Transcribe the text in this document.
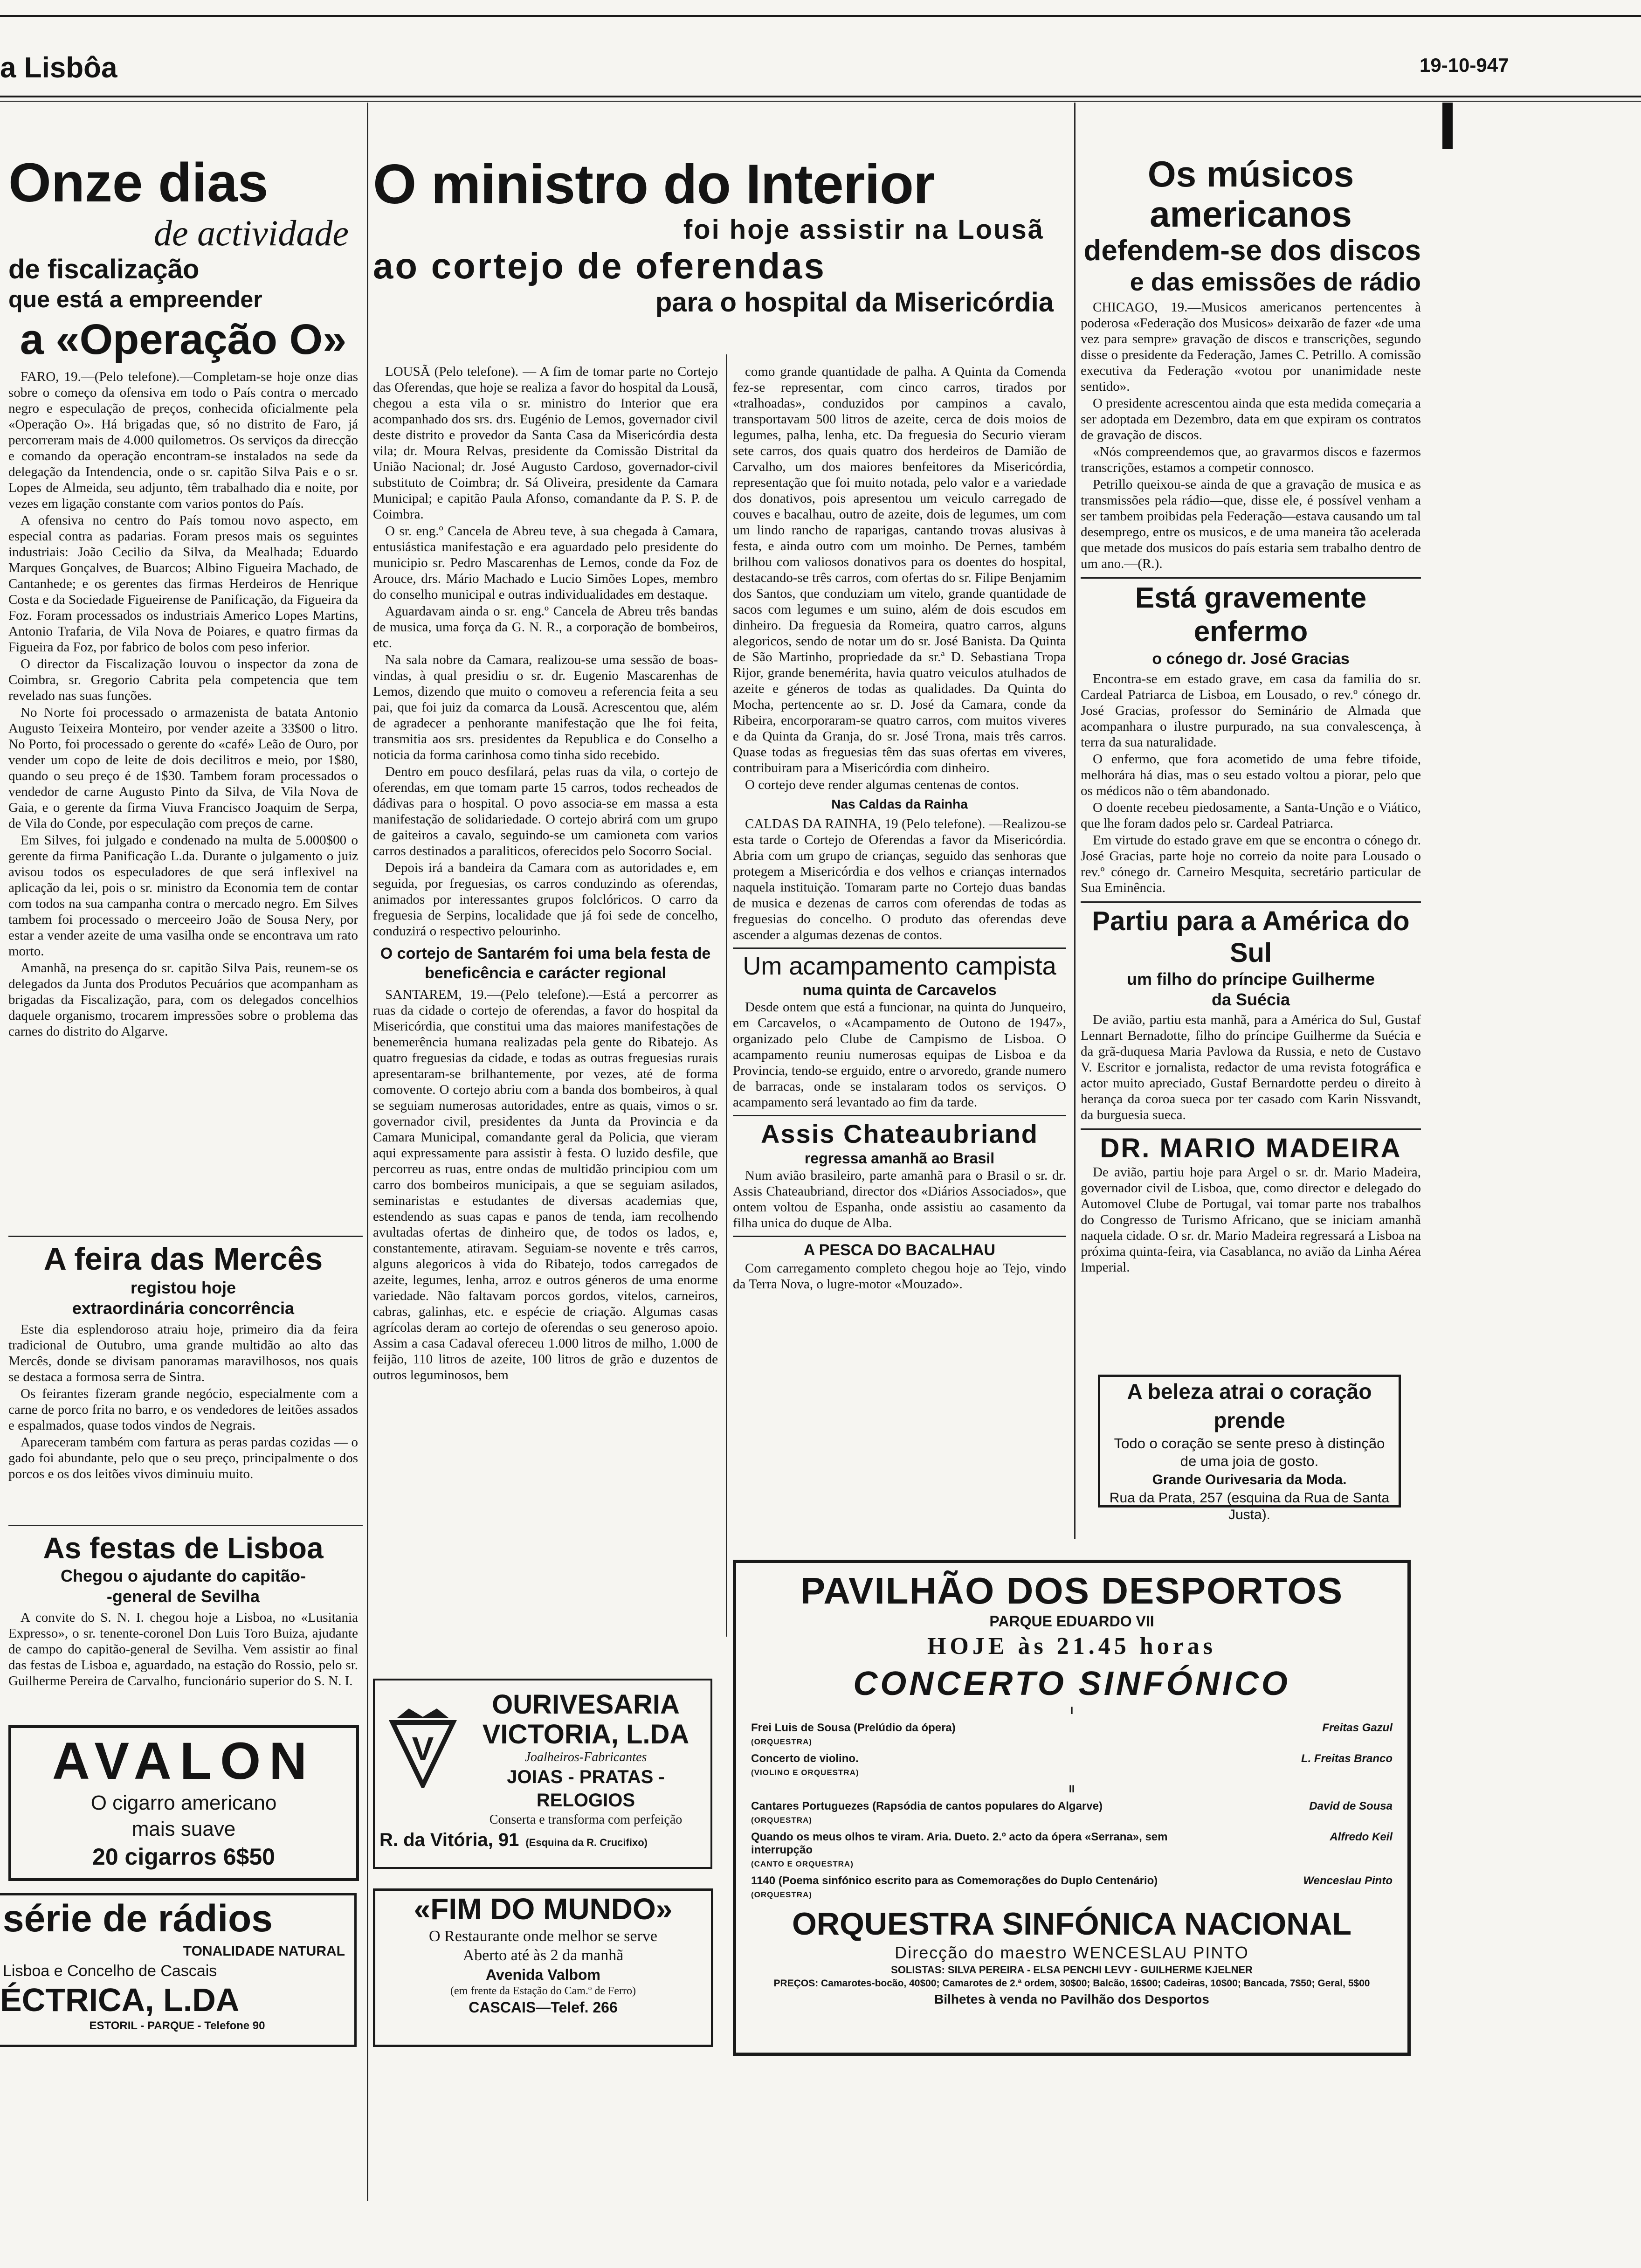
a Lisbôa	19-10-947
Onze dias
de actividade
de fiscalização
que está a empreender
a «Operação O»

FARO, 19.—(Pelo telefone).—Completam-se hoje onze dias sobre o começo da ofensiva em todo o País contra o mercado negro e especulação de preços, conhecida oficialmente pela «Operação O». Há brigadas que, só no distrito de Faro, já percorreram mais de 4.000 quilometros. Os serviços da direcção e comando da operação encontram-se instalados na sede da delegação da Intendencia, onde o sr. capitão Silva Pais e o sr. Lopes de Almeida, seu adjunto, têm trabalhado dia e noite, por vezes em ligação constante com varios pontos do País.

A ofensiva no centro do País tomou novo aspecto, em especial contra as padarias. Foram presos mais os seguintes industriais: João Cecilio da Silva, da Mealhada; Eduardo Marques Gonçalves, de Buarcos; Albino Figueira Machado, de Cantanhede; e os gerentes das firmas Herdeiros de Henrique Costa e da Sociedade Figueirense de Panificação, da Figueira da Foz. Foram processados os industriais Americo Lopes Martins, Antonio Trafaria, de Vila Nova de Poiares, e quatro firmas da Figueira da Foz, por fabrico de bolos com peso inferior.

O director da Fiscalização louvou o inspector da zona de Coimbra, sr. Gregorio Cabrita pela competencia que tem revelado nas suas funções.

No Norte foi processado o armazenista de batata Antonio Augusto Teixeira Monteiro, por vender azeite a 33$00 o litro. No Porto, foi processado o gerente do «café» Leão de Ouro, por vender um copo de leite de dois decilitros e meio, por 1$80, quando o seu preço é de 1$30. Tambem foram processados o vendedor de carne Augusto Pinto da Silva, de Vila Nova de Gaia, e o gerente da firma Viuva Francisco Joaquim de Serpa, de Vila do Conde, por especulação com preços de carne.

Em Silves, foi julgado e condenado na multa de 5.000$00 o gerente da firma Panificação L.da. Durante o julgamento o juiz avisou todos os especuladores de que será inflexivel na aplicação da lei, pois o sr. ministro da Economia tem de contar com todos na sua campanha contra o mercado negro. Em Silves tambem foi processado o merceeiro João de Sousa Nery, por estar a vender azeite de uma vasilha onde se encontrava um rato morto.

Amanhã, na presença do sr. capitão Silva Pais, reunem-se os delegados da Junta dos Produtos Pecuários que acompanham as brigadas da Fiscalização, para, com os delegados concelhios daquele organismo, trocarem impressões sobre o problema das carnes do distrito do Algarve.

A feira das Mercês
registou hoje
extraordinária concorrência

Este dia esplendoroso atraiu hoje, primeiro dia da feira tradicional de Outubro, uma grande multidão ao alto das Mercês, donde se divisam panoramas maravilhosos, nos quais se destaca a formosa serra de Sintra.

Os feirantes fizeram grande negócio, especialmente com a carne de porco frita no barro, e os vendedores de leitões assados e espalmados, quase todos vindos de Negrais.

Apareceram também com fartura as peras pardas cozidas — o gado foi abundante, pelo que o seu preço, principalmente o dos porcos e os dos leitões vivos diminuiu muito.

As festas de Lisboa
Chegou o ajudante do capitão-
-general de Sevilha

A convite do S. N. I. chegou hoje a Lisboa, no «Lusitania Expresso», o sr. tenente-coronel Don Luis Toro Buiza, ajudante de campo do capitão-general de Sevilha. Vem assistir ao final das festas de Lisboa e, aguardado, na estação do Rossio, pelo sr. Guilherme Pereira de Carvalho, funcionário superior do S. N. I.

AVALON
O cigarro americano
mais suave
20 cigarros 6$50
série de rádios
TONALIDADE NATURAL
Lisboa e Concelho de Cascais
ÉCTRICA, L.DA
ESTORIL - PARQUE - Telefone 90
O ministro do Interior
foi hoje assistir na Lousã
ao cortejo de oferendas
para o hospital da Misericórdia

LOUSÃ (Pelo telefone). — A fim de tomar parte no Cortejo das Oferendas, que hoje se realiza a favor do hospital da Lousã, chegou a esta vila o sr. ministro do Interior que era acompanhado dos srs. drs. Eugénio de Lemos, governador civil deste distrito e provedor da Santa Casa da Misericórdia desta vila; dr. Moura Relvas, presidente da Comissão Distrital da União Nacional; dr. José Augusto Cardoso, governador-civil substituto de Coimbra; dr. Sá Oliveira, presidente da Camara Municipal; e capitão Paula Afonso, comandante da P. S. P. de Coimbra.

O sr. eng.º Cancela de Abreu teve, à sua chegada à Camara, entusiástica manifestação e era aguardado pelo presidente do municipio sr. Pedro Mascarenhas de Lemos, conde da Foz de Arouce, drs. Mário Machado e Lucio Simões Lopes, membro do conselho municipal e outras individualidades em destaque.

Aguardavam ainda o sr. eng.º Cancela de Abreu três bandas de musica, uma força da G. N. R., a corporação de bombeiros, etc.

Na sala nobre da Camara, realizou-se uma sessão de boas-vindas, à qual presidiu o sr. dr. Eugenio Mascarenhas de Lemos, dizendo que muito o comoveu a referencia feita a seu pai, que foi juiz da comarca da Lousã. Acrescentou que, além de agradecer a penhorante manifestação que lhe foi feita, transmitia aos srs. presidentes da Republica e do Conselho a noticia da forma carinhosa como tinha sido recebido.

Dentro em pouco desfilará, pelas ruas da vila, o cortejo de oferendas, em que tomam parte 15 carros, todos recheados de dádivas para o hospital. O povo associa-se em massa a esta manifestação de solidariedade. O cortejo abrirá com um grupo de gaiteiros a cavalo, seguindo-se um camioneta com varios carros destinados a paraliticos, oferecidos pelo Socorro Social.

Depois irá a bandeira da Camara com as autoridades e, em seguida, por freguesias, os carros conduzindo as oferendas, animados por interessantes grupos folclóricos. O carro da freguesia de Serpins, localidade que já foi sede de concelho, conduzirá o respectivo pelourinho.

O cortejo de Santarém foi uma bela festa de beneficência e carácter regional

SANTAREM, 19.—(Pelo telefone).—Está a percorrer as ruas da cidade o cortejo de oferendas, a favor do hospital da Misericórdia, que constitui uma das maiores manifestações de benemerência humana realizadas pela gente do Ribatejo. As quatro freguesias da cidade, e todas as outras freguesias rurais apresentaram-se brilhantemente, por vezes, até de forma comovente. O cortejo abriu com a banda dos bombeiros, à qual se seguiam numerosas autoridades, entre as quais, vimos o sr. governador civil, presidentes da Junta da Provincia e da Camara Municipal, comandante geral da Policia, que vieram aqui expressamente para assistir à festa. O luzido desfile, que percorreu as ruas, entre ondas de multidão principiou com um carro dos bombeiros municipais, a que se seguiam asilados, seminaristas e estudantes de diversas academias que, estendendo as suas capas e panos de tenda, iam recolhendo avultadas ofertas de dinheiro que, de todos os lados, e, constantemente, atiravam. Seguiam-se novente e três carros, alguns alegoricos à vida do Ribatejo, todos carregados de azeite, legumes, lenha, arroz e outros géneros de uma enorme variedade. Não faltavam porcos gordos, vitelos, carneiros, cabras, galinhas, etc. e espécie de criação. Algumas casas agrícolas deram ao cortejo de oferendas o seu generoso apoio. Assim a casa Cadaval ofereceu 1.000 litros de milho, 1.000 de feijão, 110 litros de azeite, 100 litros de grão e duzentos de outros leguminosos, bem

como grande quantidade de palha. A Quinta da Comenda fez-se representar, com cinco carros, tirados por «tralhoadas», conduzidos por campinos a cavalo, transportavam 500 litros de azeite, cerca de dois moios de legumes, palha, lenha, etc. Da freguesia do Securio vieram sete carros, dos quais quatro dos herdeiros de Damião de Carvalho, um dos maiores benfeitores da Misericórdia, representação que foi muito notada, pelo valor e a variedade dos donativos, pois apresentou um veiculo carregado de couves e bacalhau, outro de azeite, dois de legumes, um com um lindo rancho de raparigas, cantando trovas alusivas à festa, e ainda outro com um moinho. De Pernes, também brilhou com valiosos donativos para os doentes do hospital, destacando-se três carros, com ofertas do sr. Filipe Benjamim dos Santos, que conduziam um vitelo, grande quantidade de sacos com legumes e um suino, além de dois escudos em dinheiro. Da freguesia da Romeira, quatro carros, alguns alegoricos, sendo de notar um do sr. José Banista. Da Quinta de São Martinho, propriedade da sr.ª D. Sebastiana Tropa Rijor, grande benemérita, havia quatro veiculos atulhados de azeite e géneros de todas as qualidades. Da Quinta do Mocha, pertencente ao sr. D. José da Camara, conde da Ribeira, encorporaram-se quatro carros, com muitos viveres e da Quinta da Granja, do sr. José Trona, mais três carros. Quase todas as freguesias têm das suas ofertas em viveres, contribuiram para a Misericórdia com dinheiro.

O cortejo deve render algumas centenas de contos.

Nas Caldas da Rainha

CALDAS DA RAINHA, 19 (Pelo telefone). —Realizou-se esta tarde o Cortejo de Oferendas a favor da Misericórdia. Abria com um grupo de crianças, seguido das senhoras que protegem a Misericórdia e dos velhos e crianças internados naquela instituição. Tomaram parte no Cortejo duas bandas de musica e dezenas de carros com oferendas de todas as freguesias do concelho. O produto das oferendas deve ascender a algumas dezenas de contos.

Um acampamento campista
numa quinta de Carcavelos

Desde ontem que está a funcionar, na quinta do Junqueiro, em Carcavelos, o «Acampamento de Outono de 1947», organizado pelo Clube de Campismo de Lisboa. O acampamento reuniu numerosas equipas de Lisboa e da Provincia, tendo-se erguido, entre o arvoredo, grande numero de barracas, onde se instalaram todos os serviços. O acampamento será levantado ao fim da tarde.

Assis Chateaubriand
regressa amanhã ao Brasil

Num avião brasileiro, parte amanhã para o Brasil o sr. dr. Assis Chateaubriand, director dos «Diários Associados», que ontem voltou de Espanha, onde assistiu ao casamento da filha unica do duque de Alba.

A PESCA DO BACALHAU

Com carregamento completo chegou hoje ao Tejo, vindo da Terra Nova, o lugre-motor «Mouzado».

V
OURIVESARIA
VICTORIA, L.DA
Joalheiros-Fabricantes
JOIAS - PRATAS - RELOGIOS
Conserta e transforma com perfeição
R. da Vitória, 91 (Esquina da R. Crucifixo)
«FIM DO MUNDO»
O Restaurante onde melhor se serve
Aberto até às 2 da manhã
Avenida Valbom
(em frente da Estação do Cam.º de Ferro)
CASCAIS—Telef. 266
Os músicos americanos
defendem-se dos discos
e das emissões de rádio

CHICAGO, 19.—Musicos americanos pertencentes à poderosa «Federação dos Musicos» deixarão de fazer «de uma vez para sempre» gravação de discos e transcrições, segundo disse o presidente da Federação, James C. Petrillo. A comissão executiva da Federação «votou por unanimidade neste sentido».

O presidente acrescentou ainda que esta medida começaria a ser adoptada em Dezembro, data em que expiram os contratos de gravação de discos.

«Nós compreendemos que, ao gravarmos discos e fazermos transcrições, estamos a competir connosco.

Petrillo queixou-se ainda de que a gravação de musica e as transmissões pela rádio—que, disse ele, é possível venham a ser tambem proibidas pela Federação—estava causando um tal desemprego, entre os musicos, e de uma maneira tão acelerada que metade dos musicos do país estaria sem trabalho dentro de um ano.—(R.).

Está gravemente enfermo
o cónego dr. José Gracias

Encontra-se em estado grave, em casa da familia do sr. Cardeal Patriarca de Lisboa, em Lousado, o rev.º cónego dr. José Gracias, professor do Seminário de Almada que acompanhara o ilustre purpurado, na sua convalescença, à terra da sua naturalidade.

O enfermo, que fora acometido de uma febre tifoide, melhorára há dias, mas o seu estado voltou a piorar, pelo que os médicos não o têm abandonado.

O doente recebeu piedosamente, a Santa-Unção e o Viático, que lhe foram dados pelo sr. Cardeal Patriarca.

Em virtude do estado grave em que se encontra o cónego dr. José Gracias, parte hoje no correio da noite para Lousado o rev.º cónego dr. Carneiro Mesquita, secretário particular de Sua Eminência.

Partiu para a América do Sul
um filho do príncipe Guilherme
da Suécia

De avião, partiu esta manhã, para a América do Sul, Gustaf Lennart Bernadotte, filho do príncipe Guilherme da Suécia e da grã-duquesa Maria Pavlowa da Russia, e neto de Custavo V. Escritor e jornalista, redactor de uma revista fotográfica e actor muito apreciado, Gustaf Bernardotte perdeu o direito à herança da coroa sueca por ter casado com Karin Nissvandt, da burguesia sueca.

DR. MARIO MADEIRA

De avião, partiu hoje para Argel o sr. dr. Mario Madeira, governador civil de Lisboa, que, como director e delegado do Automovel Clube de Portugal, vai tomar parte nos trabalhos do Congresso de Turismo Africano, que se iniciam amanhã naquela cidade. O sr. dr. Mario Madeira regressará a Lisboa na próxima quinta-feira, via Casablanca, no avião da Linha Aérea Imperial.

A beleza atrai o coração prende
Todo o coração se sente preso à distinção de uma joia de gosto.
Grande Ourivesaria da Moda.
Rua da Prata, 257 (esquina da Rua de Santa Justa).
PAVILHÃO DOS DESPORTOS
PARQUE EDUARDO VII
HOJE às 21.45 horas
CONCERTO SINFÓNICO
I
Frei Luis de Sousa (Prelúdio da ópera)
(ORQUESTRA)
Freitas Gazul
Concerto de violino.
(VIOLINO E ORQUESTRA)
L. Freitas Branco
II
Cantares Portuguezes (Rapsódia de cantos populares do Algarve)
(ORQUESTRA)
David de Sousa
Quando os meus olhos te viram. Aria. Dueto. 2.º acto da ópera «Serrana», sem interrupção
(CANTO E ORQUESTRA)
Alfredo Keil
1140 (Poema sinfónico escrito para as Comemorações do Duplo Centenário)
(ORQUESTRA)
Wenceslau Pinto
ORQUESTRA SINFÓNICA NACIONAL
Direcção do maestro WENCESLAU PINTO
SOLISTAS: SILVA PEREIRA - ELSA PENCHI LEVY - GUILHERME KJELNER
PREÇOS: Camarotes-bocão, 40$00; Camarotes de 2.ª ordem, 30$00; Balcão, 16$00; Cadeiras, 10$00; Bancada, 7$50; Geral, 5$00
Bilhetes à venda no Pavilhão dos Desportos
